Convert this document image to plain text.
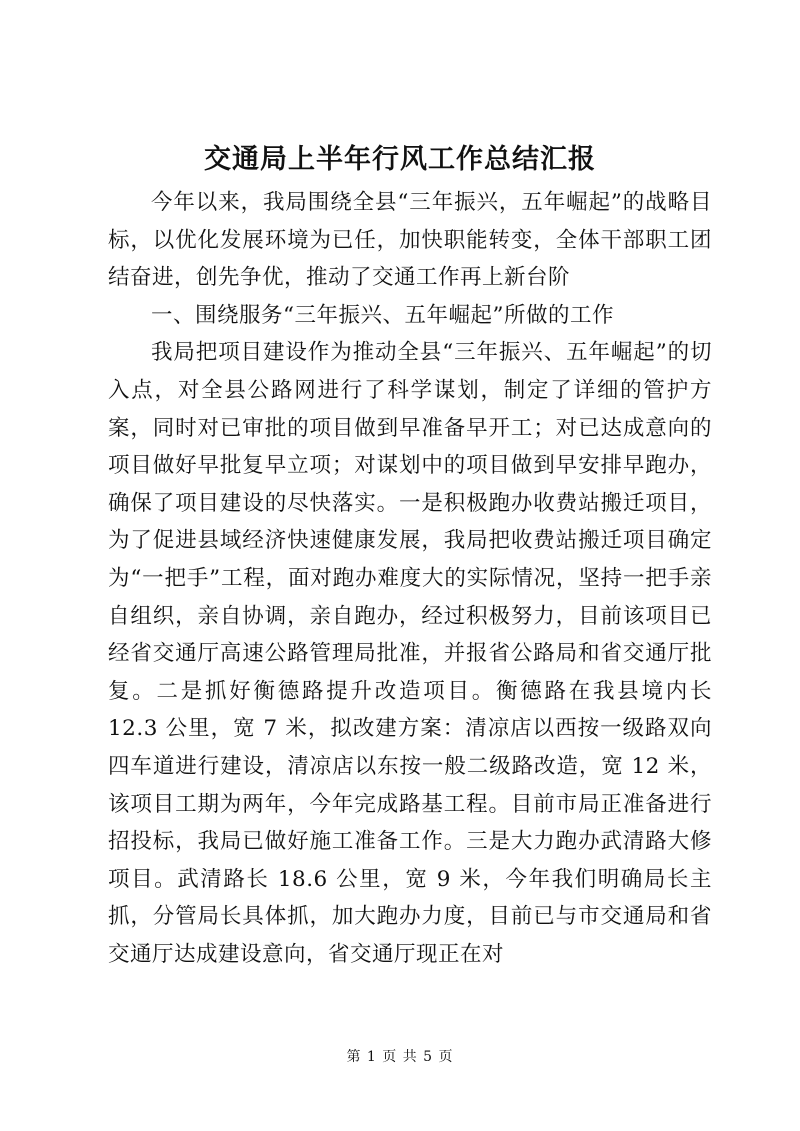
交通局上半年行风工作总结汇报

今年以来，我局围绕全县“三年振兴，五年崛起”的战略目标，以优化发展环境为已任，加快职能转变，全体干部职工团结奋进，创先争优，推动了交通工作再上新台阶

一、围绕服务“三年振兴、五年崛起”所做的工作

我局把项目建设作为推动全县“三年振兴、五年崛起”的切入点，对全县公路网进行了科学谋划，制定了详细的管护方案，同时对已审批的项目做到早准备早开工；对已达成意向的项目做好早批复早立项；对谋划中的项目做到早安排早跑办，确保了项目建设的尽快落实。一是积极跑办收费站搬迁项目，为了促进县域经济快速健康发展，我局把收费站搬迁项目确定为“一把手”工程，面对跑办难度大的实际情况，坚持一把手亲自组织，亲自协调，亲自跑办，经过积极努力，目前该项目已经省交通厅高速公路管理局批准，并报省公路局和省交通厅批复。二是抓好衡德路提升改造项目。衡德路在我县境内长 12.3 公里，宽 7 米，拟改建方案：清凉店以西按一级路双向四车道进行建设，清凉店以东按一般二级路改造，宽 12 米，该项目工期为两年，今年完成路基工程。目前市局正准备进行招投标，我局已做好施工准备工作。三是大力跑办武清路大修项目。武清路长 18.6 公里，宽 9 米，今年我们明确局长主抓，分管局长具体抓，加大跑办力度，目前已与市交通局和省交通厅达成建设意向，省交通厅现正在对

第 1 页 共 5 页
